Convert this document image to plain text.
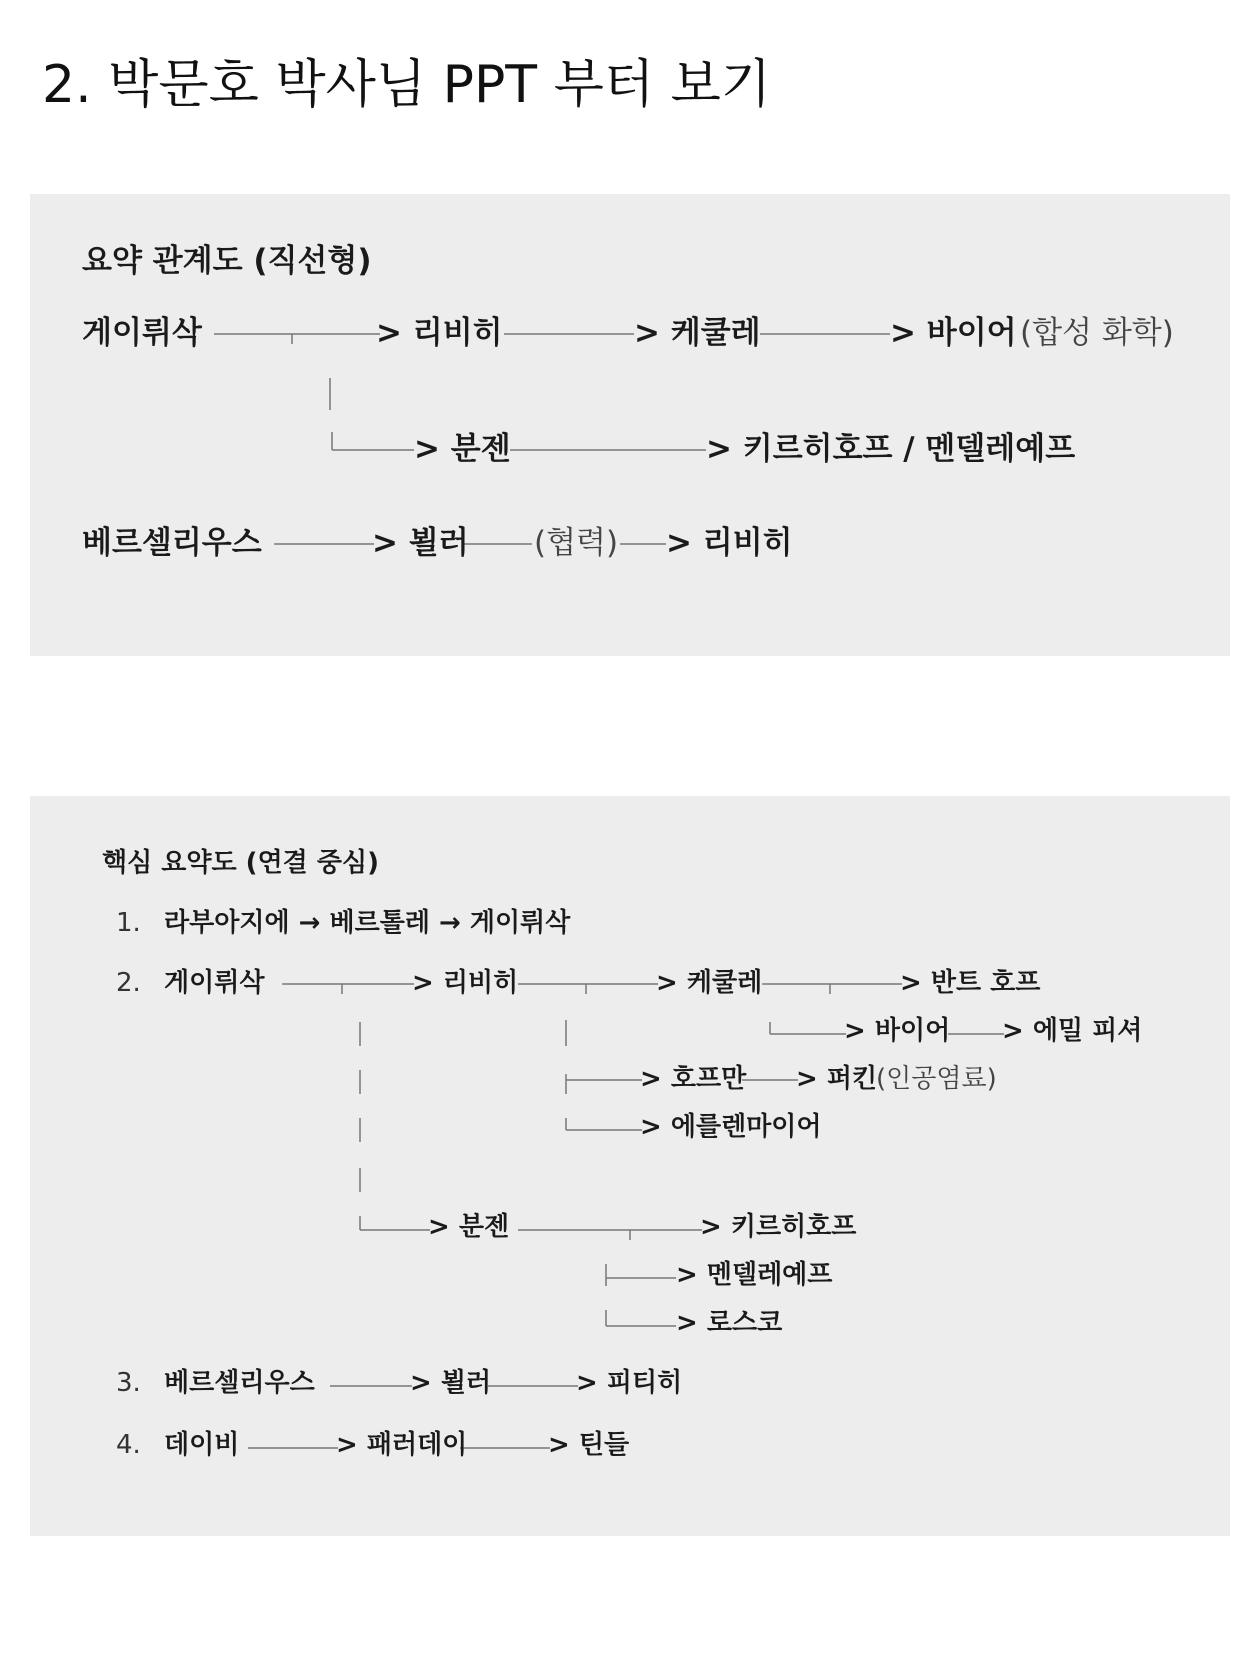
2. 박문호 박사님 PPT 부터 보기
요약 관계도 (직선형)
게이뤼삭	> 리비히	> 케쿨레	> 바이어 (합성 화학)
> 분젠	> 키르히호프 / 멘델레예프
베르셀리우스	> 뵐러 (협력) > 리비히
핵심 요약도 (연결 중심)
1. 라부아지에 → 베르톨레 → 게이뤼삭
2. 게이뤼삭	> 리비히	> 케쿨레	> 반트 호프
> 바이어 > 에밀 피셔
> 호프만 > 퍼킨
(인공염료)
> 에를렌마이어
> 분젠	> 키르히호프
> 멘델레예프
> 로스코
3. 베르셀리우스	> 뵐러	> 피티히
4. 데이비	> 패러데이	> 틴들
